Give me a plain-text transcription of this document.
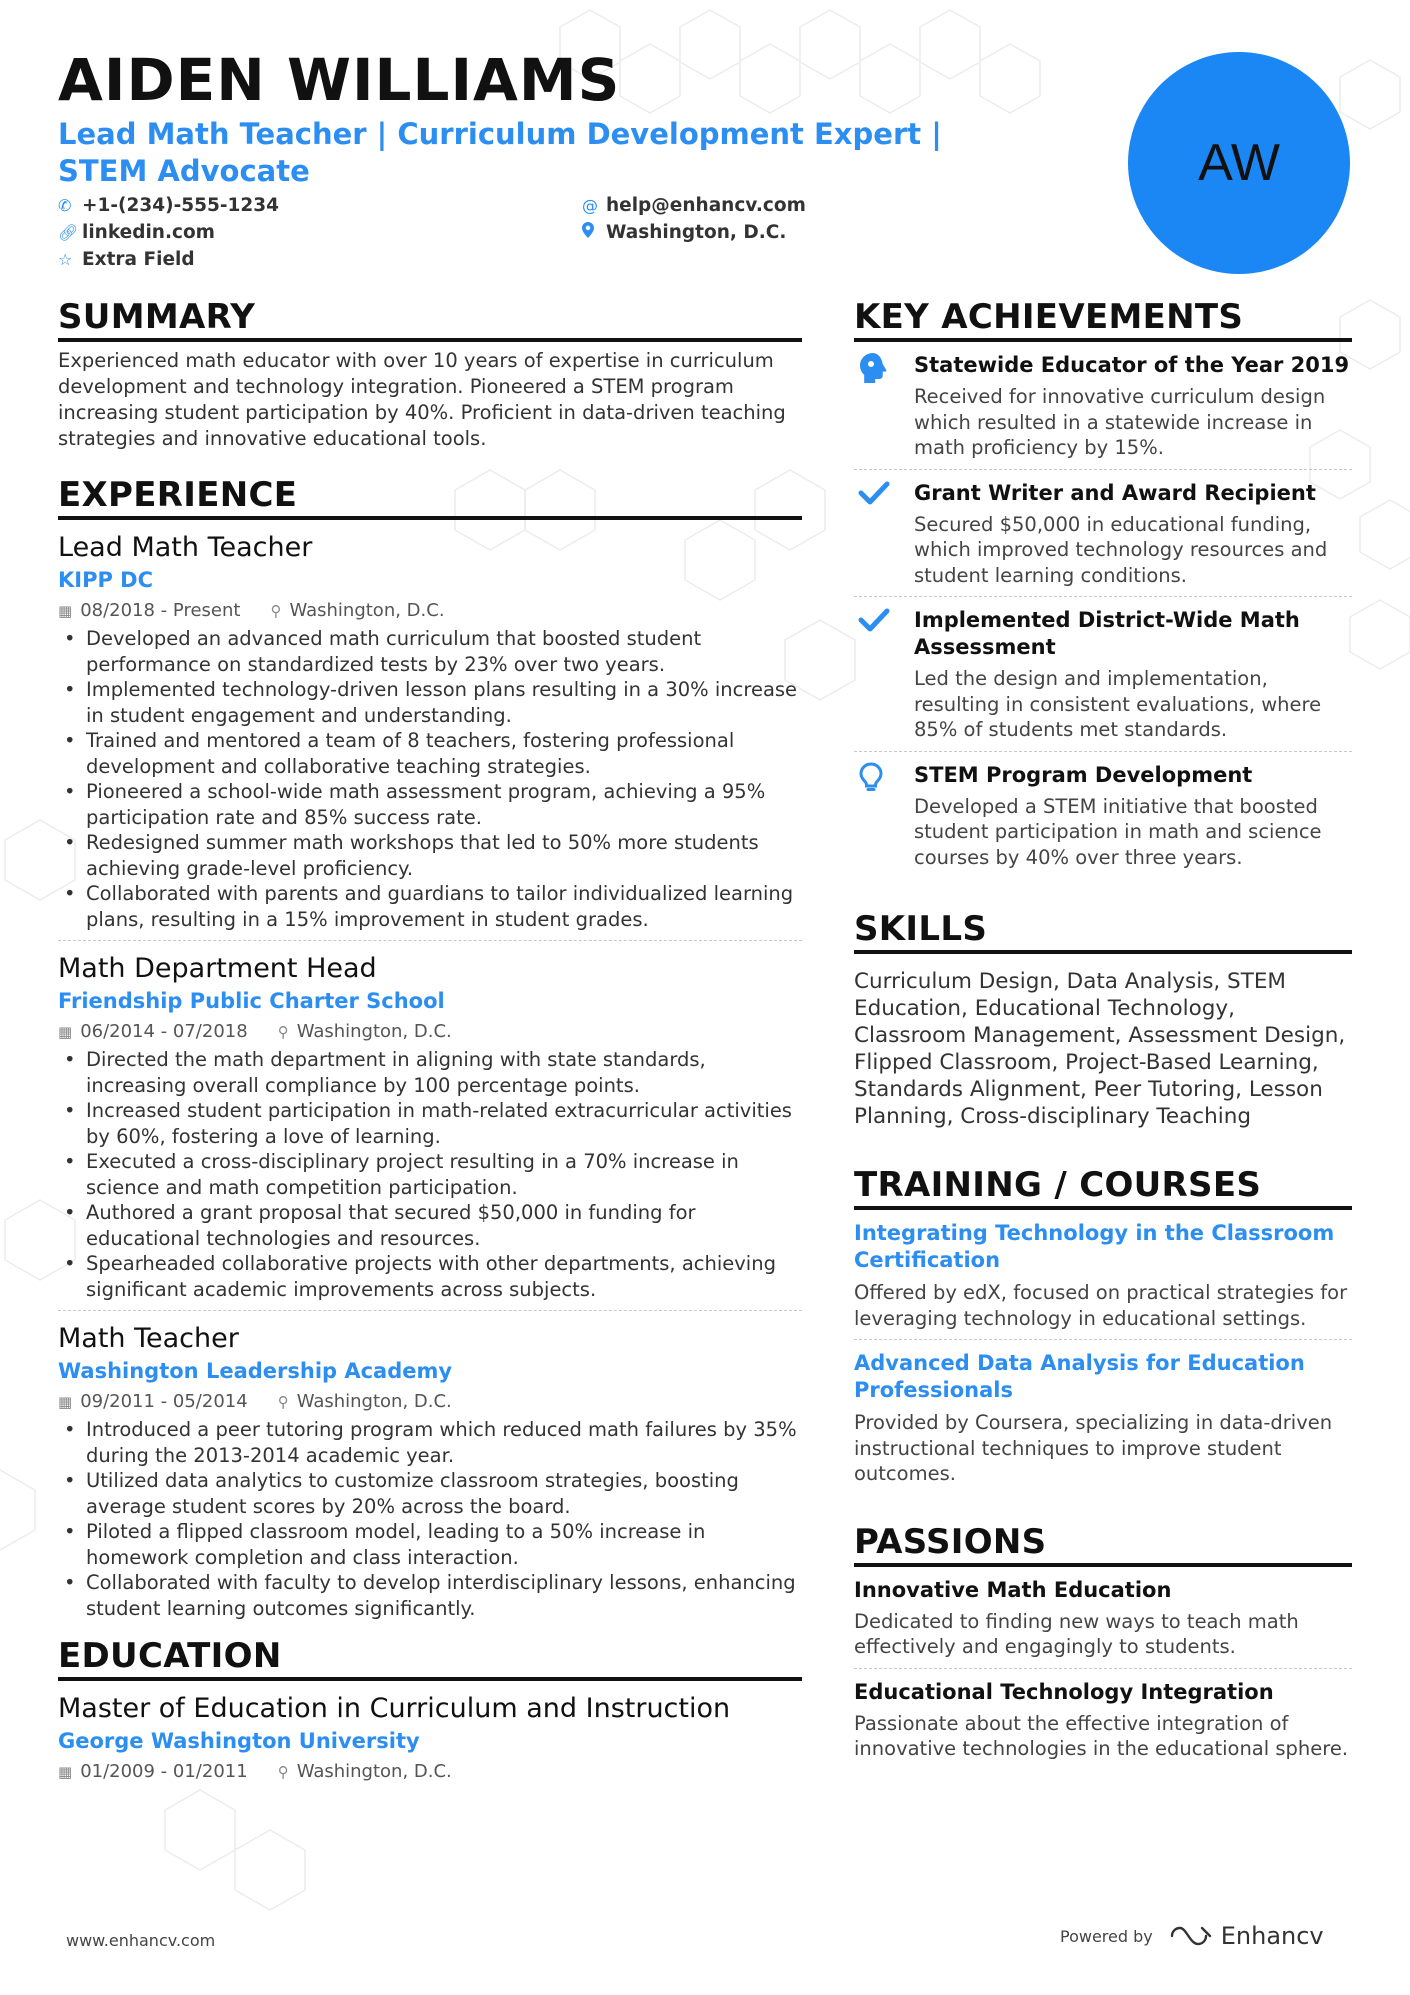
AIDEN WILLIAMS
Lead Math Teacher | Curriculum Development Expert | STEM Advocate
✆ +1-(234)-555-1234
🔗︎ linkedin.com
☆ Extra Field
@ help@enhancv.com
Washington, D.C.
AW
SUMMARY
Experienced math educator with over 10 years of expertise in curriculum development and technology integration. Pioneered a STEM program increasing student participation by 40%. Proficient in data-driven teaching strategies and innovative educational tools.
EXPERIENCE
Lead Math Teacher
KIPP DC
▦ 08/2018 - Present ⚲ Washington, D.C.
• Developed an advanced math curriculum that boosted student performance on standardized tests by 23% over two years.
• Implemented technology-driven lesson plans resulting in a 30% increase in student engagement and understanding.
• Trained and mentored a team of 8 teachers, fostering professional development and collaborative teaching strategies.
• Pioneered a school-wide math assessment program, achieving a 95% participation rate and 85% success rate.
• Redesigned summer math workshops that led to 50% more students achieving grade-level proficiency.
• Collaborated with parents and guardians to tailor individualized learning plans, resulting in a 15% improvement in student grades.
Math Department Head
Friendship Public Charter School
▦ 06/2014 - 07/2018 ⚲ Washington, D.C.
• Directed the math department in aligning with state standards, increasing overall compliance by 100 percentage points.
• Increased student participation in math-related extracurricular activities by 60%, fostering a love of learning.
• Executed a cross-disciplinary project resulting in a 70% increase in science and math competition participation.
• Authored a grant proposal that secured $50,000 in funding for educational technologies and resources.
• Spearheaded collaborative projects with other departments, achieving significant academic improvements across subjects.
Math Teacher
Washington Leadership Academy
▦ 09/2011 - 05/2014 ⚲ Washington, D.C.
• Introduced a peer tutoring program which reduced math failures by 35% during the 2013-2014 academic year.
• Utilized data analytics to customize classroom strategies, boosting average student scores by 20% across the board.
• Piloted a flipped classroom model, leading to a 50% increase in homework completion and class interaction.
• Collaborated with faculty to develop interdisciplinary lessons, enhancing student learning outcomes significantly.
EDUCATION
Master of Education in Curriculum and Instruction
George Washington University
▦ 01/2009 - 01/2011 ⚲ Washington, D.C.
KEY ACHIEVEMENTS
Statewide Educator of the Year 2019
Received for innovative curriculum design which resulted in a statewide increase in math proficiency by 15%.
Grant Writer and Award Recipient
Secured $50,000 in educational funding, which improved technology resources and student learning conditions.
Implemented District-Wide Math Assessment
Led the design and implementation, resulting in consistent evaluations, where 85% of students met standards.
STEM Program Development
Developed a STEM initiative that boosted student participation in math and science courses by 40% over three years.
SKILLS
Curriculum Design, Data Analysis, STEM Education, Educational Technology, Classroom Management, Assessment Design, Flipped Classroom, Project-Based Learning, Standards Alignment, Peer Tutoring, Lesson Planning, Cross-disciplinary Teaching
TRAINING / COURSES
Integrating Technology in the Classroom Certification
Offered by edX, focused on practical strategies for leveraging technology in educational settings.
Advanced Data Analysis for Education Professionals
Provided by Coursera, specializing in data-driven instructional techniques to improve student outcomes.
PASSIONS
Innovative Math Education
Dedicated to finding new ways to teach math effectively and engagingly to students.
Educational Technology Integration
Passionate about the effective integration of innovative technologies in the educational sphere.
www.enhancv.com	Powered by	Enhancv
